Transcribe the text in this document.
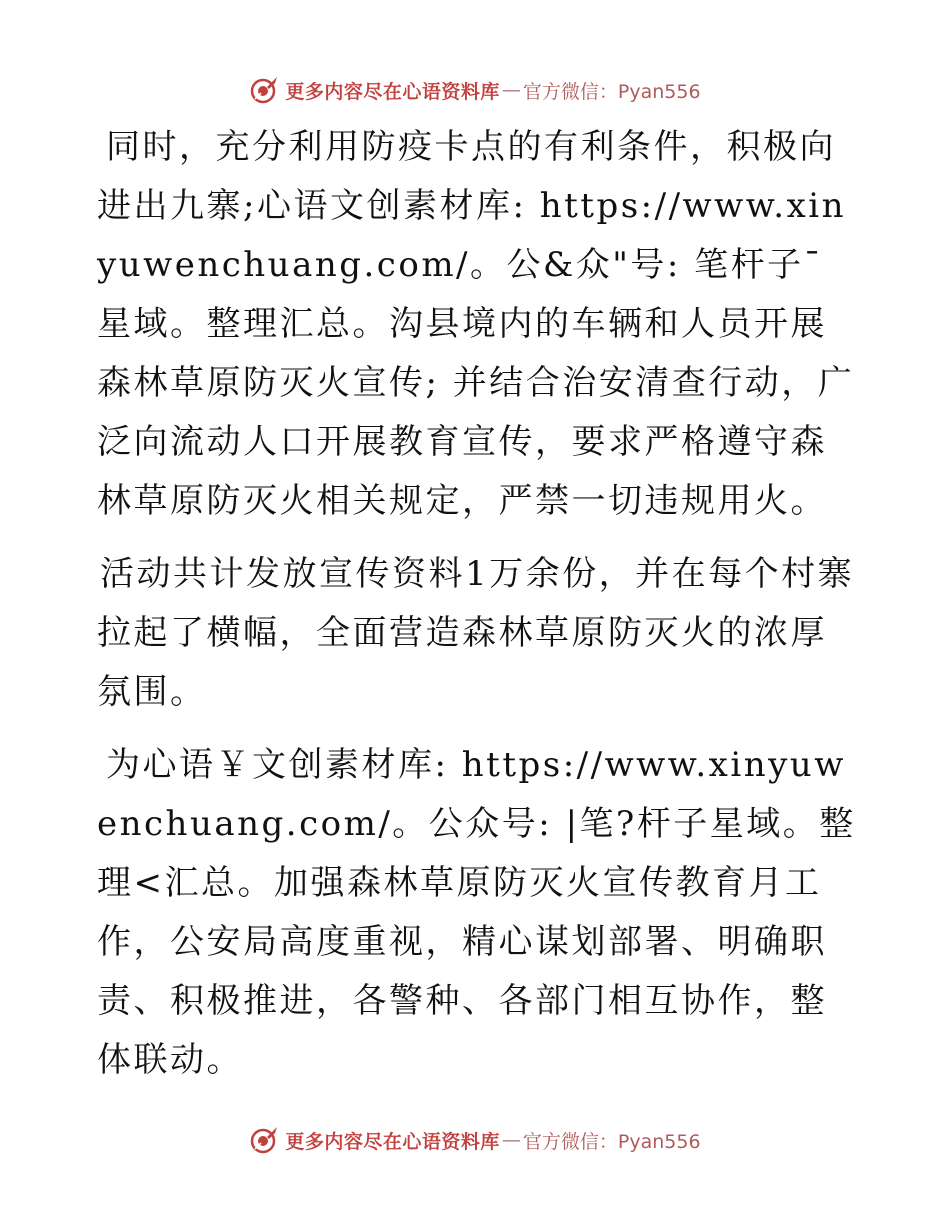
更多内容尽在心语资料库 — 官方微信：Pyan556

同时，充分利用防疫卡点的有利条件，积极向进出九寨;心语文创素材库: https://www.xinyuwenchuang.com/。公&众"号: 笔杆子¯星域。整理汇总。沟县境内的车辆和人员开展森林草原防灭火宣传; 并结合治安清查行动，广泛向流动人口开展教育宣传，要求严格遵守森林草原防灭火相关规定，严禁一切违规用火。

活动共计发放宣传资料1万余份，并在每个村寨拉起了横幅，全面营造森林草原防灭火的浓厚氛围。

为心语￥文创素材库: https://www.xinyuwenchuang.com/。公众号: |笔?杆子星域。整理<汇总。加强森林草原防灭火宣传教育月工作，公安局高度重视，精心谋划部署、明确职责、积极推进，各警种、各部门相互协作，整体联动。

更多内容尽在心语资料库 — 官方微信：Pyan556
